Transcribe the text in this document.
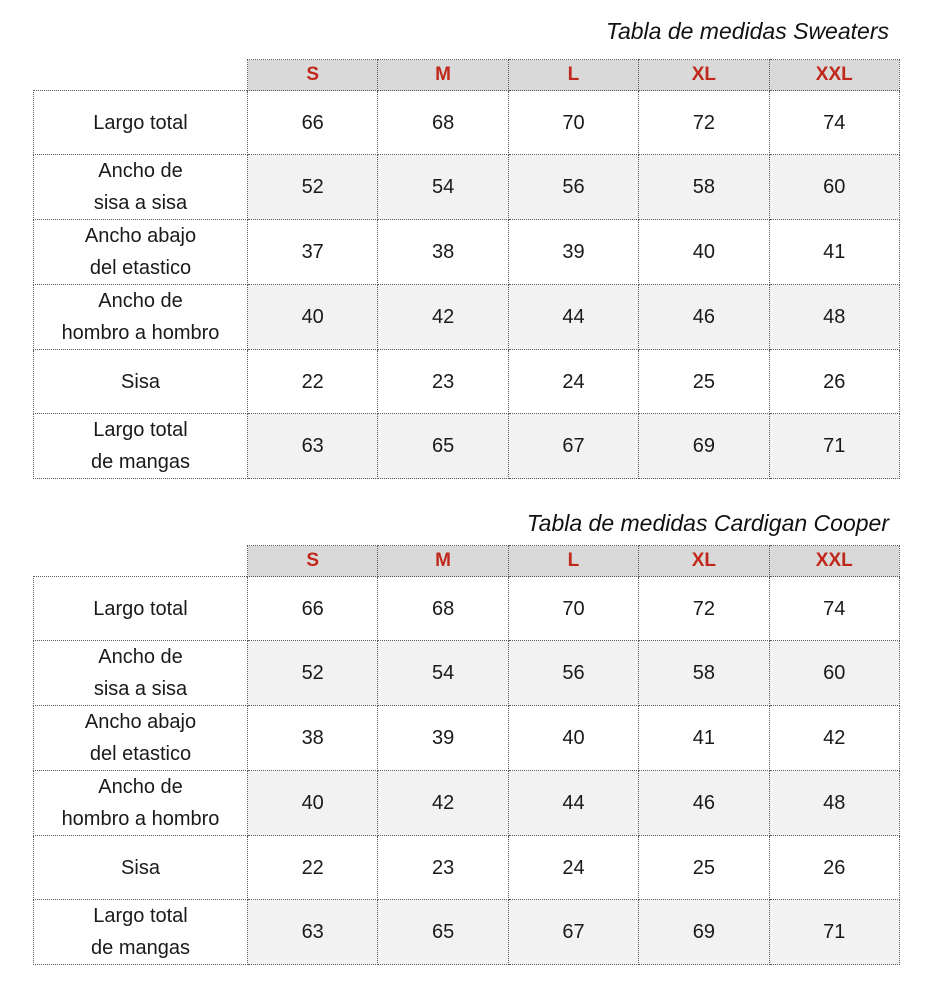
Tabla de medidas Sweaters
	S	M	L	XL	XXL

Largo total	66	68	70	72	74

Ancho de
sisa a sisa	52	54	56	58	60

Ancho abajo
del etastico	37	38	39	40	41

Ancho de
hombro a hombro	40	42	44	46	48

Sisa	22	23	24	25	26

Largo total
de mangas	63	65	67	69	71
Tabla de medidas Cardigan Cooper
	S	M	L	XL	XXL

Largo total	66	68	70	72	74

Ancho de
sisa a sisa	52	54	56	58	60

Ancho abajo
del etastico	38	39	40	41	42

Ancho de
hombro a hombro	40	42	44	46	48

Sisa	22	23	24	25	26

Largo total
de mangas	63	65	67	69	71
